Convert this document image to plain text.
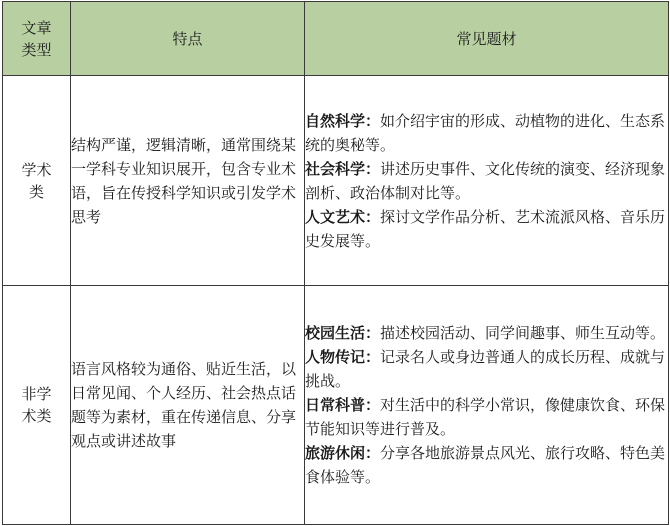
文章类型	特点	常见题材

学术类	结构严谨，逻辑清晰，通常围绕某一学科专业知识展开，包含专业术语，旨在传授科学知识或引发学术思考	自然科学：如介绍宇宙的形成、动植物的进化、生态系统的奥秘等。

社会科学：讲述历史事件、文化传统的演变、经济现象剖析、政治体制对比等。

人文艺术：探讨文学作品分析、艺术流派风格、音乐历史发展等。

非学术类	语言风格较为通俗、贴近生活，以日常见闻、个人经历、社会热点话题等为素材，重在传递信息、分享观点或讲述故事	校园生活：描述校园活动、同学间趣事、师生互动等。

人物传记：记录名人或身边普通人的成长历程、成就与挑战。

日常科普：对生活中的科学小常识，像健康饮食、环保节能知识等进行普及。

旅游休闲：分享各地旅游景点风光、旅行攻略、特色美食体验等。
